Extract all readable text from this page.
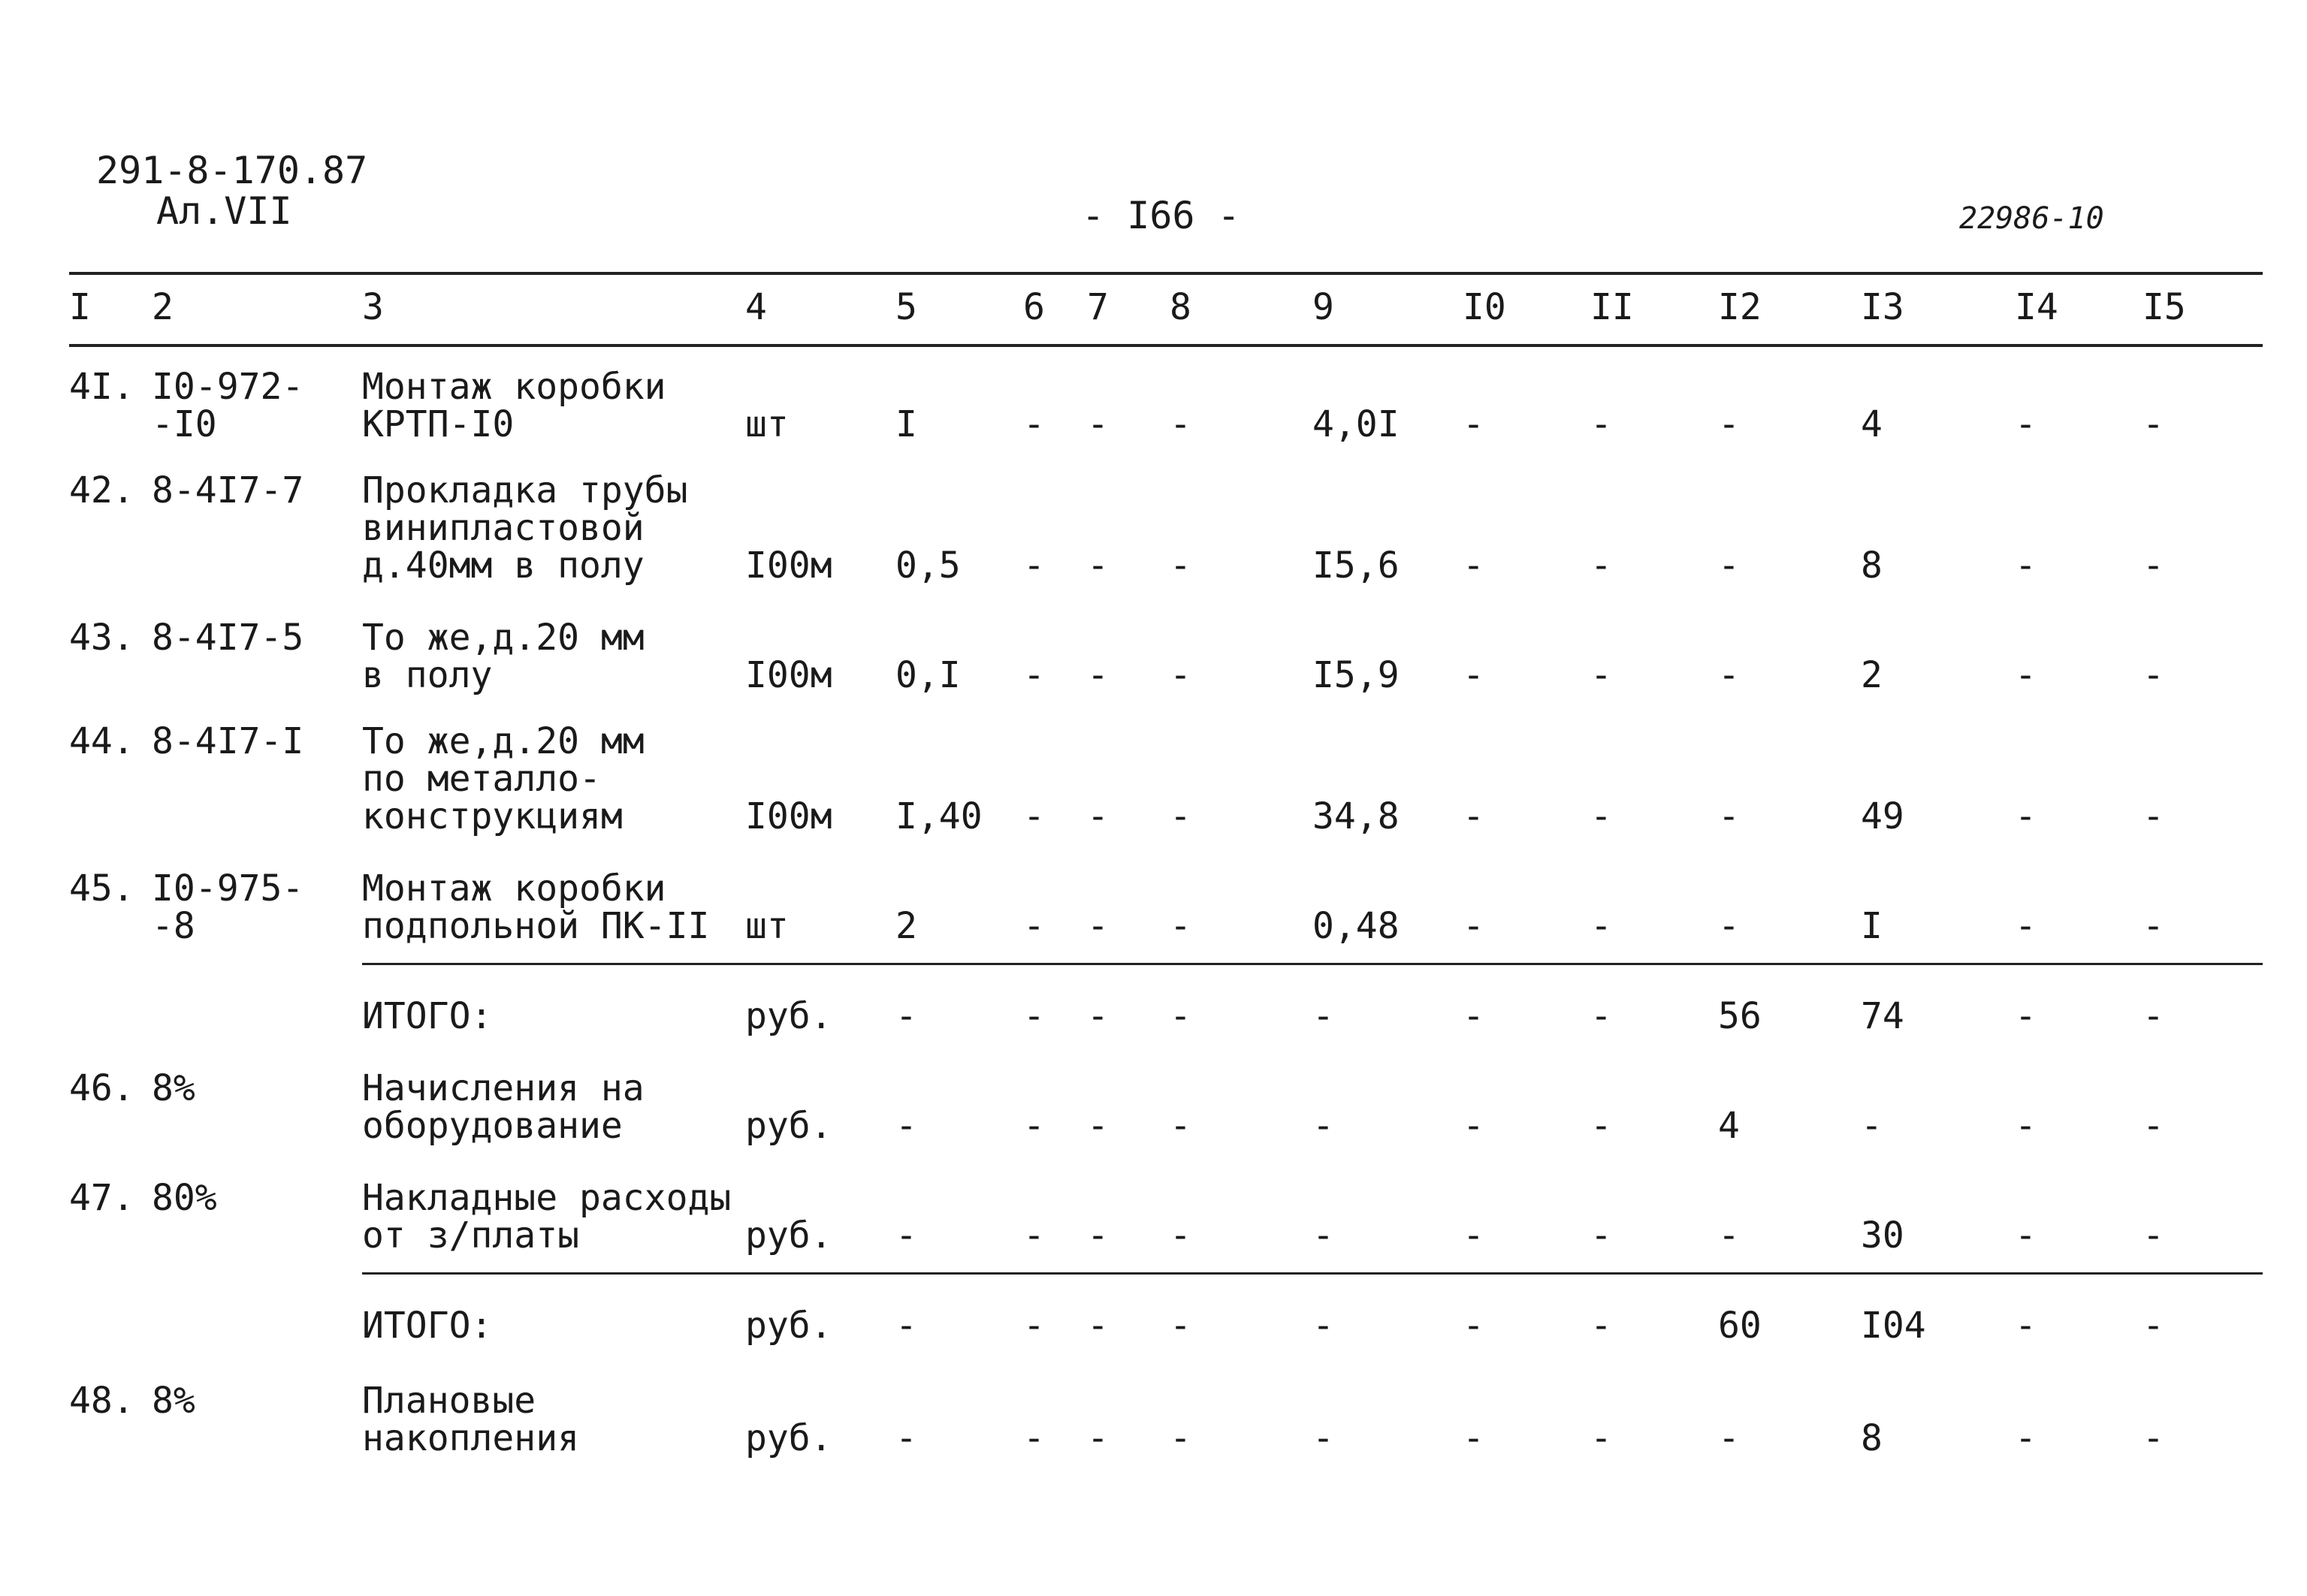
291-8-170.87
Ал.VII	- I66 -	22986-10
I	2	3	4	5	6	7	8	9	I0	II	I2	I3	I4	I5
4I.	I0-972-
-I0	Монтаж коробки
КРТП-I0	шт	I	-	-	-	4,0I	-	-	-	4	-	-
42.	8-4I7-7	Прокладка трубы
винипластовой
д.40мм в полу	I00м	0,5	-	-	-	I5,6	-	-	-	8	-	-
43.	8-4I7-5	То же,д.20 мм
в полу	I00м	0,I	-	-	-	I5,9	-	-	-	2	-	-
44.	8-4I7-I	То же,д.20 мм
по металло-
конструкциям	I00м	I,40	-	-	-	34,8	-	-	-	49	-	-
45.	I0-975-
-8	Монтаж коробки
подпольной ПК-II	шт	2	-	-	-	0,48	-	-	-	I	-	-
		ИТОГО:	руб.	-	-	-	-	-	-	-	56	74	-	-
46.	8%	Начисления на
оборудование	руб.	-	-	-	-	-	-	-	4	-	-	-
47.	80%	Накладные расходы
от з/платы	руб.	-	-	-	-	-	-	-	-	30	-	-
		ИТОГО:	руб.	-	-	-	-	-	-	-	60	I04	-	-
48.	8%	Плановые
накопления	руб.	-	-	-	-	-	-	-	-	8	-	-
